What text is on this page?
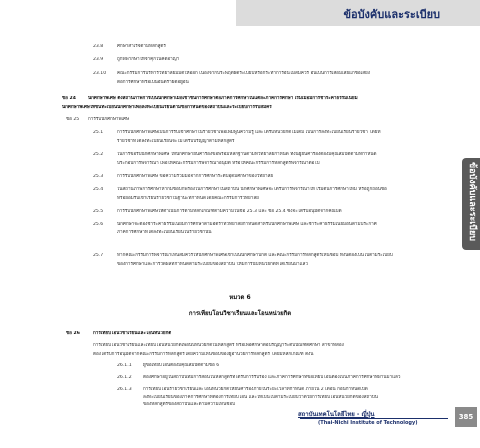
ข้อบังคับและระเบียบ
ข้อบังคับและระเบียบ
23.8	ศึกษาสำเร็จตามหลักสูตร
23.9	ถูกพิพากษาให้จำคุกในคดีอาญา
23.10 คณะกรรมการบริหารวิทยาลัยมีมติให้ออก เนื่องจากประพฤติผิดระเบียบหรือกระทำการอันไม่สมควร อันเป็นการเสื่อมเสียแก่ชื่อเสียง
ต่อการศึกษาหรือเป็นอันตรายต่อผู้อื่น
ข้อ 24	นักศึกษาพิเศษ ตั้งสถานภาพการเป็นนักศึกษาเมื่อเข้าชั้นการศึกษาต่อภาคการศึกษาในแต่ละภาคการศึกษา เริ่มเมื่อมีการชำระค่าธรรมเนียม
นักศึกษาพิเศษให้ขึ้นทะเบียนนักศึกษาเพื่อลงทะเบียนเรียนตามข้อกำหนดของสถาบันและระเบียบการรับสมัคร
ข้อ 25 การรับนักศึกษาพิเศษ
25.1	การรับนักศึกษาพิเศษเป็นการรับเข้าศึกษาในรายวิชาเพื่อเพิ่มพูนความรู้ และได้รับหน่วยกิตไม่เต็ม เป็นการลงทะเบียนเรียนรายวิชา โดยที่
รายวิชาที่ได้ลงทะเบียนเรียนจะไม่ได้รับปริญญาตามหลักสูตร
25.2	ในการขอรับนักศึกษาพิเศษ ให้นักศึกษายื่นคำร้องขอพร้อมหลักฐานตามที่วิทยาลัยกำหนด ทั้งนี้ผู้ยื่นคำร้องต้องมีคุณสมบัติตามที่กำหนด
ประกอบการพิจารณา เพื่อให้คณะกรรมการพิจารณาอนุมัติ หรือให้คณะกรรมการหลักสูตรพิจารณาต่อไป
25.3	การรับนักศึกษาพิเศษ ขอความร่วมมือจากการศึกษาระดับอุดมศึกษาของวิทยาลัย
25.4	ในสถานภาพการศึกษาหากมีข้อบกพร่องในการศึกษาในสถาบัน นักศึกษาพิเศษจะได้รับการพิจารณาให้ เริ่มต้นการศึกษาใหม่ หรือถูกถอนชื่อ
หรือยอมรับเข้าเรียนรายวิชาในฐานะที่กำหนดโดยคณะกรรมการวิทยาลัย
25.5	การรับนักศึกษาพิเศษให้ดำเนินการตามหลักเกณฑ์ตามความในข้อ 25.3 และ ข้อ 25.4 ซึ่งจะได้รับอนุมัติจากคณบดี
25.6	นักศึกษาจะต้องชำระค่าธรรมเนียมการศึกษาตามอัตราที่วิทยาลัยกำหนดสำหรับนักศึกษาพิเศษ และชำระค่าธรรมเนียมอื่นตามประกาศ
ภาคการศึกษาที่ได้ลงทะเบียนเรียนในรายวิชานั้น
25.7	หากคณะกรรมการพิจารณาเห็นสมควรให้นักศึกษาพิเศษเข้าเป็นนักศึกษาปกติ และคณะกรรมการหลักสูตรเห็นชอบ ทั้งนี้ต้องเป็นไปตามระเบียบ
ของการศึกษาและการวัดผลที่กำหนดตามระเบียบของสถาบัน ให้มีการนับหน่วยกิตที่ได้เรียนมาแล้ว
หมวด 6
การเทียบโอนวิชาเรียนและโอนหน่วยกิต
ข้อ 26	การเทียบโอนวิชาเรียนและโอนหน่วยกิต
การเทียบโอนวิชาเรียนและเทียบโอนหน่วยกิตเพื่อนับหน่วยกิตในหลักสูตร หรือเพื่อศึกษาต่อปริญญาระดับบัณฑิตศึกษา สาขาที่สอง
ต้องได้รับการอนุมัติจากคณะกรรมการหลักสูตรโดยความเห็นชอบของผู้อำนวยการหลักสูตร โดยมีหลักเกณฑ์ ดังนี้
26.1.1 ผู้ขอเทียบโอนต้องมีคุณสมบัติตามข้อ 6
26.1.2 ต้องศึกษาอยู่ในสถาบันที่มีการสอนในหลักสูตรที่ได้รับการรับรอง และภาคการศึกษาที่ขอเทียบโอนต้องเป็นภาคการศึกษาที่ผ่านมาแล้ว
26.1.3 การเทียบโอนรายวิชาเรียนและโอนหน่วยกิตให้ยื่นคำร้องภายในระยะเวลาที่กำหนด ภายใน 2 เดือน ก่อนกำหนดเปิด
ลงทะเบียนเรียนของภาคการศึกษาที่ต้องการเทียบโอน และให้เป็นไปตามระเบียบว่าด้วยการเทียบโอนหน่วยกิตของสถาบัน
ของหลักสูตรของสถาบันและตามความเห็นชอบ
สถาบันเทคโนโลยีไทย - ญี่ปุ่น
(Thai-Nichi Institute of Technology)
385
